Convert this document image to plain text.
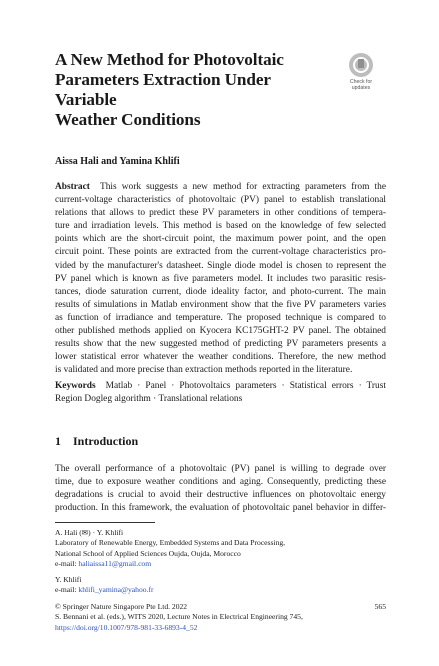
A New Method for Photovoltaic
Parameters Extraction Under Variable
Weather Conditions
Check for
updates
Aissa Hali and Yamina Khlifi
Abstract This work suggests a new method for extracting parameters from the
current-voltage characteristics of photovoltaic (PV) panel to establish translational
relations that allows to predict these PV parameters in other conditions of tempera-
ture and irradiation levels. This method is based on the knowledge of few selected
points which are the short-circuit point, the maximum power point, and the open
circuit point. These points are extracted from the current-voltage characteristics pro-
vided by the manufacturer's datasheet. Single diode model is chosen to represent the
PV panel which is known as five parameters model. It includes two parasitic resis-
tances, diode saturation current, diode ideality factor, and photo-current. The main
results of simulations in Matlab environment show that the five PV parameters varies
as function of irradiance and temperature. The proposed technique is compared to
other published methods applied on Kyocera KC175GHT-2 PV panel. The obtained
results show that the new suggested method of predicting PV parameters presents a
lower statistical error whatever the weather conditions. Therefore, the new method
is validated and more precise than extraction methods reported in the literature.
Keywords Matlab · Panel · Photovoltaics parameters · Statistical errors · Trust
Region Dogleg algorithm · Translational relations
1 Introduction
The overall performance of a photovoltaic (PV) panel is willing to degrade over
time, due to exposure weather conditions and aging. Consequently, predicting these
degradations is crucial to avoid their destructive influences on photovoltaic energy
production. In this framework, the evaluation of photovoltaic panel behavior in differ-
A. Hali (✉) · Y. Khlifi
Laboratory of Renewable Energy, Embedded Systems and Data Processing,
National School of Applied Sciences Oujda, Oujda, Morocco
e-mail: haliaissa11@gmail.com
Y. Khlifi
e-mail: khlifi_yamina@yahoo.fr
© Springer Nature Singapore Pte Ltd. 2022
S. Bennani et al. (eds.), WITS 2020, Lecture Notes in Electrical Engineering 745,
https://doi.org/10.1007/978-981-33-6893-4_52
565
